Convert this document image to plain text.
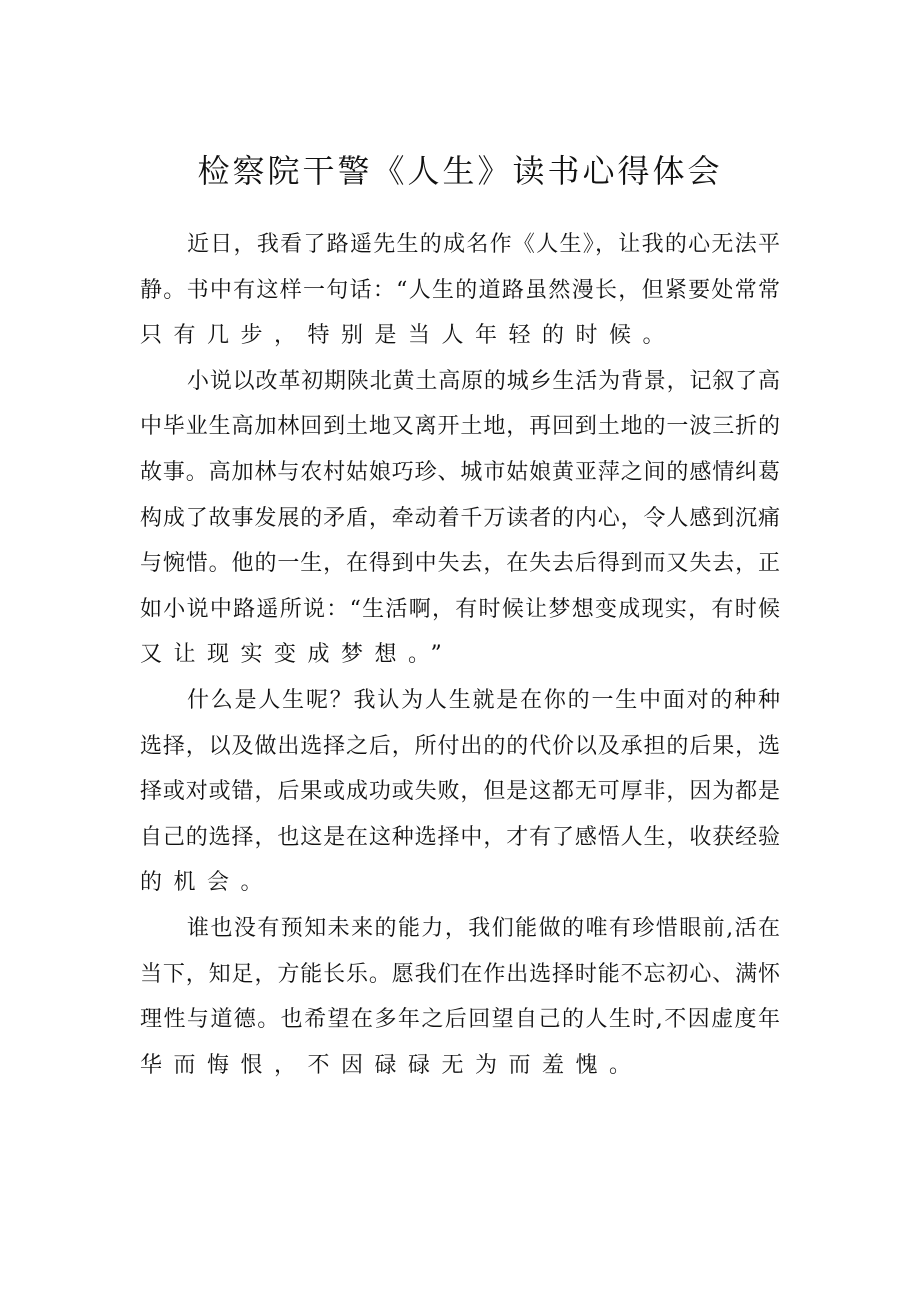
检察院干警《人生》读书心得体会
近日，我看了路遥先生的成名作《人生》，让我的心无法平
静。书中有这样一句话：“人生的道路虽然漫长，但紧要处常常
只有几步，特别是当人年轻的时候。
小说以改革初期陕北黄土高原的城乡生活为背景，记叙了高
中毕业生高加林回到土地又离开土地，再回到土地的一波三折的
故事。高加林与农村姑娘巧珍、城市姑娘黄亚萍之间的感情纠葛
构成了故事发展的矛盾，牵动着千万读者的内心，令人感到沉痛
与惋惜。他的一生，在得到中失去，在失去后得到而又失去，正
如小说中路遥所说：“生活啊，有时候让梦想变成现实，有时候
又让现实变成梦想。”
什么是人生呢？我认为人生就是在你的一生中面对的种种
选择，以及做出选择之后，所付出的的代价以及承担的后果，选
择或对或错，后果或成功或失败，但是这都无可厚非，因为都是
自己的选择，也这是在这种选择中，才有了感悟人生，收获经验
的机会。
谁也没有预知未来的能力，我们能做的唯有珍惜眼前,活在
当下，知足，方能长乐。愿我们在作出选择时能不忘初心、满怀
理性与道德。也希望在多年之后回望自己的人生时,不因虚度年
华而悔恨，不因碌碌无为而羞愧。
